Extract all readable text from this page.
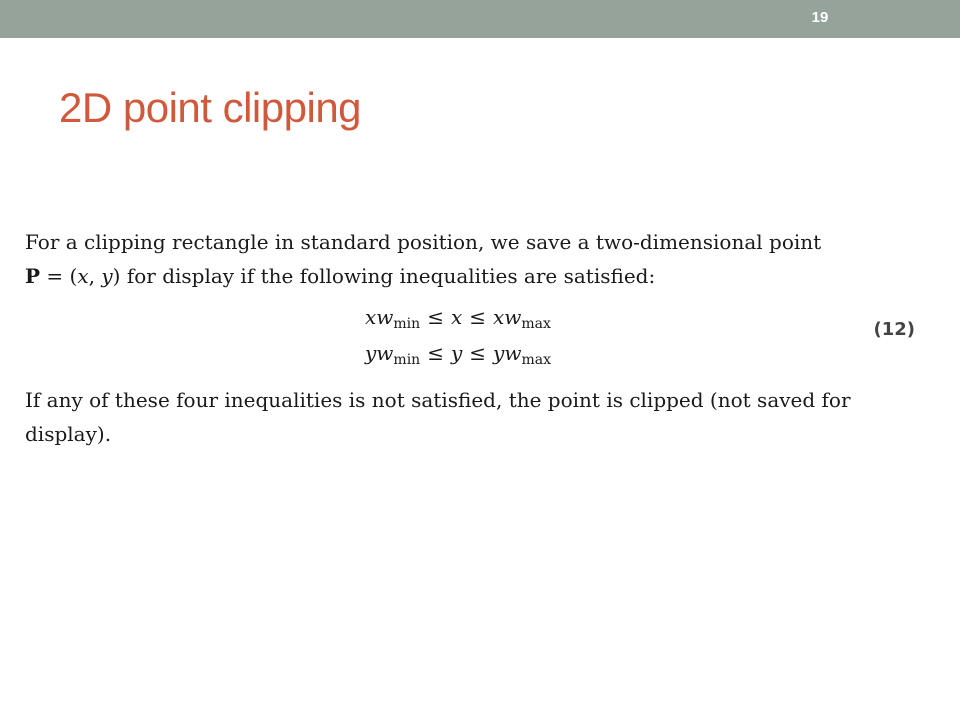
19
2D point clipping

For a clipping rectangle in standard position, we save a two-dimensional point
P = (x, y) for display if the following inequalities are satisfied:

$xw_{min} \le x \le xw_{max}$
$yw_{min} \le y \le yw_{max}$
(12)

If any of these four inequalities is not satisfied, the point is clipped (not saved for
display).
